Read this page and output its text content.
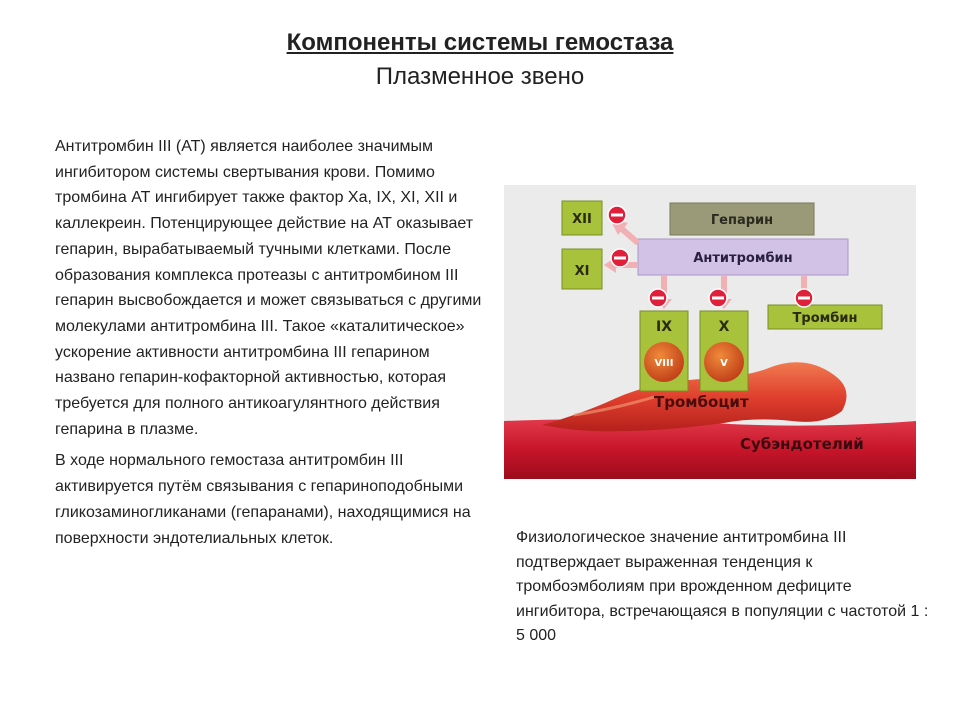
Компоненты системы гемостаза
Плазменное звено

Антитромбин III (АТ) является наиболее значимым ингибитором системы свертывания крови. Помимо тромбина АТ ингибирует также фактор Ха, IX, XI, XII и каллекреин. Потенцирующее действие на АТ оказывает гепарин, вырабатываемый тучными клетками. После образования комплекса протеазы с антитромбином III гепарин высвобождается и может связываться с другими молекулами антитромбина III. Такое «каталитическое» ускорение активности антитромбина III гепарином названо гепарин-кофакторной активностью, которая требуется для полного антикоагулянтного действия гепарина в плазме.

В ходе нормального гемостаза антитромбин III активируется путём связывания с гепариноподобными гликозаминогликанами (гепаранами), находящимися на поверхности эндотелиальных клеток.

Субэндотелий
Тромбоцит
IX
VIII
X
V
XII
XI
Гепарин
Антитромбин
Тромбин
Физиологическое значение антитромбина III подтверждает выраженная тенденция к тромбоэмболиям при врожденном дефиците ингибитора, встречающаяся в популяции с частотой 1 : 5 000
